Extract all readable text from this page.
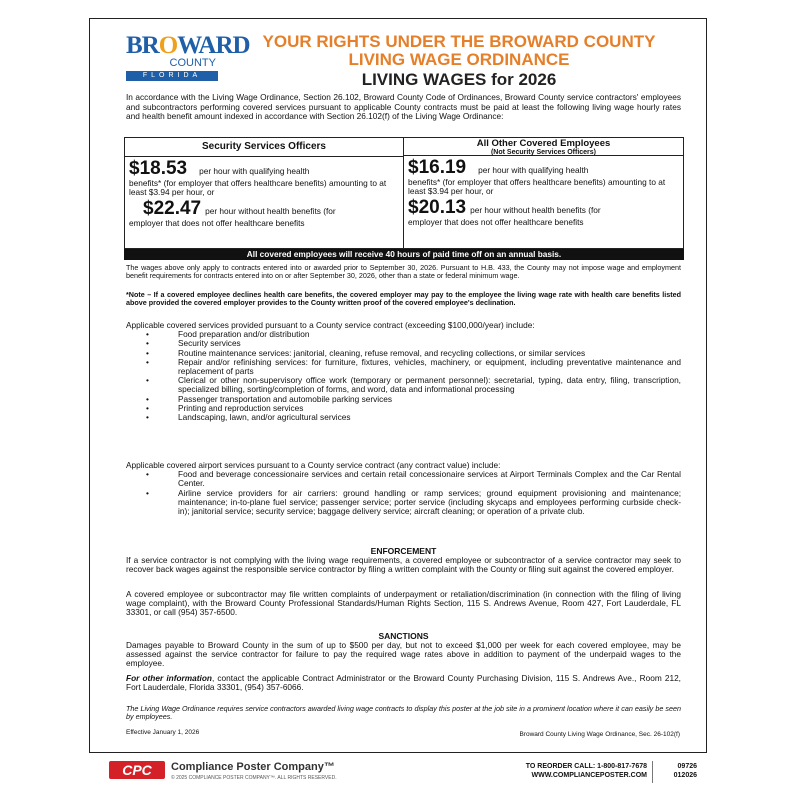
BROWARD
COUNTY
FLORIDA
YOUR RIGHTS UNDER THE BROWARD COUNTY
LIVING WAGE ORDINANCE
LIVING WAGES for 2026
In accordance with the Living Wage Ordinance, Section 26.102, Broward County Code of Ordinances, Broward County service contractors' employees and subcontractors performing covered services pursuant to applicable County contracts must be paid at least the following living wage hourly rates and health benefit amount indexed in accordance with Section 26.102(f) of the Living Wage Ordinance:
Security Services Officers
$18.53 per hour with qualifying health
benefits* (for employer that offers healthcare benefits) amounting to at least $3.94 per hour, or
$22.47 per hour without health benefits (for
employer that does not offer healthcare benefits
All Other Covered Employees
(Not Security Services Officers)
$16.19 per hour with qualifying health
benefits* (for employer that offers healthcare benefits) amounting to at least $3.94 per hour, or
$20.13 per hour without health benefits (for
employer that does not offer healthcare benefits
All covered employees will receive 40 hours of paid time off on an annual basis.
The wages above only apply to contracts entered into or awarded prior to September 30, 2026. Pursuant to H.B. 433, the County may not impose wage and employment benefit requirements for contracts entered into on or after September 30, 2026, other than a state or federal minimum wage.
*Note – If a covered employee declines health care benefits, the covered employer may pay to the employee the living wage rate with health care benefits listed above provided the covered employer provides to the County written proof of the covered employee's declination.
Applicable covered services provided pursuant to a County service contract (exceeding $100,000/year) include:
• Food preparation and/or distribution
• Security services
• Routine maintenance services: janitorial, cleaning, refuse removal, and recycling collections, or similar services
• Repair and/or refinishing services: for furniture, fixtures, vehicles, machinery, or equipment, including preventative maintenance and replacement of parts
• Clerical or other non-supervisory office work (temporary or permanent personnel): secretarial, typing, data entry, filing, transcription, specialized billing, sorting/completion of forms, and word, data and informational processing
• Passenger transportation and automobile parking services
• Printing and reproduction services
• Landscaping, lawn, and/or agricultural services
Applicable covered airport services pursuant to a County service contract (any contract value) include:
• Food and beverage concessionaire services and certain retail concessionaire services at Airport Terminals Complex and the Car Rental Center.
• Airline service providers for air carriers: ground handling or ramp services; ground equipment provisioning and maintenance; maintenance; in-to-plane fuel service; passenger service; porter service (including skycaps and employees performing curbside check-in); janitorial service; security service; baggage delivery service; aircraft cleaning; or operation of a private club.
ENFORCEMENT
If a service contractor is not complying with the living wage requirements, a covered employee or subcontractor of a service contractor may seek to recover back wages against the responsible service contractor by filing a written complaint with the County or filing suit against the covered employer.
A covered employee or subcontractor may file written complaints of underpayment or retaliation/discrimination (in connection with the filing of living wage complaint), with the Broward County Professional Standards/Human Rights Section, 115 S. Andrews Avenue, Room 427, Fort Lauderdale, FL 33301, or call (954) 357-6500.
SANCTIONS
Damages payable to Broward County in the sum of up to $500 per day, but not to exceed $1,000 per week for each covered employee, may be assessed against the service contractor for failure to pay the required wage rates above in addition to payment of the underpaid wages to the employee.
For other information, contact the applicable Contract Administrator or the Broward County Purchasing Division, 115 S. Andrews Ave., Room 212, Fort Lauderdale, Florida 33301, (954) 357-6066.
The Living Wage Ordinance requires service contractors awarded living wage contracts to display this poster at the job site in a prominent location where it can easily be seen by employees.
Effective January 1, 2026	Broward County Living Wage Ordinance, Sec. 26-102(f)
CPC	Compliance Poster Company™
© 2025 COMPLIANCE POSTER COMPANY™. ALL RIGHTS RESERVED.
TO REORDER CALL: 1-800-817-7678
WWW.COMPLIANCEPOSTER.COM
09726
012026
